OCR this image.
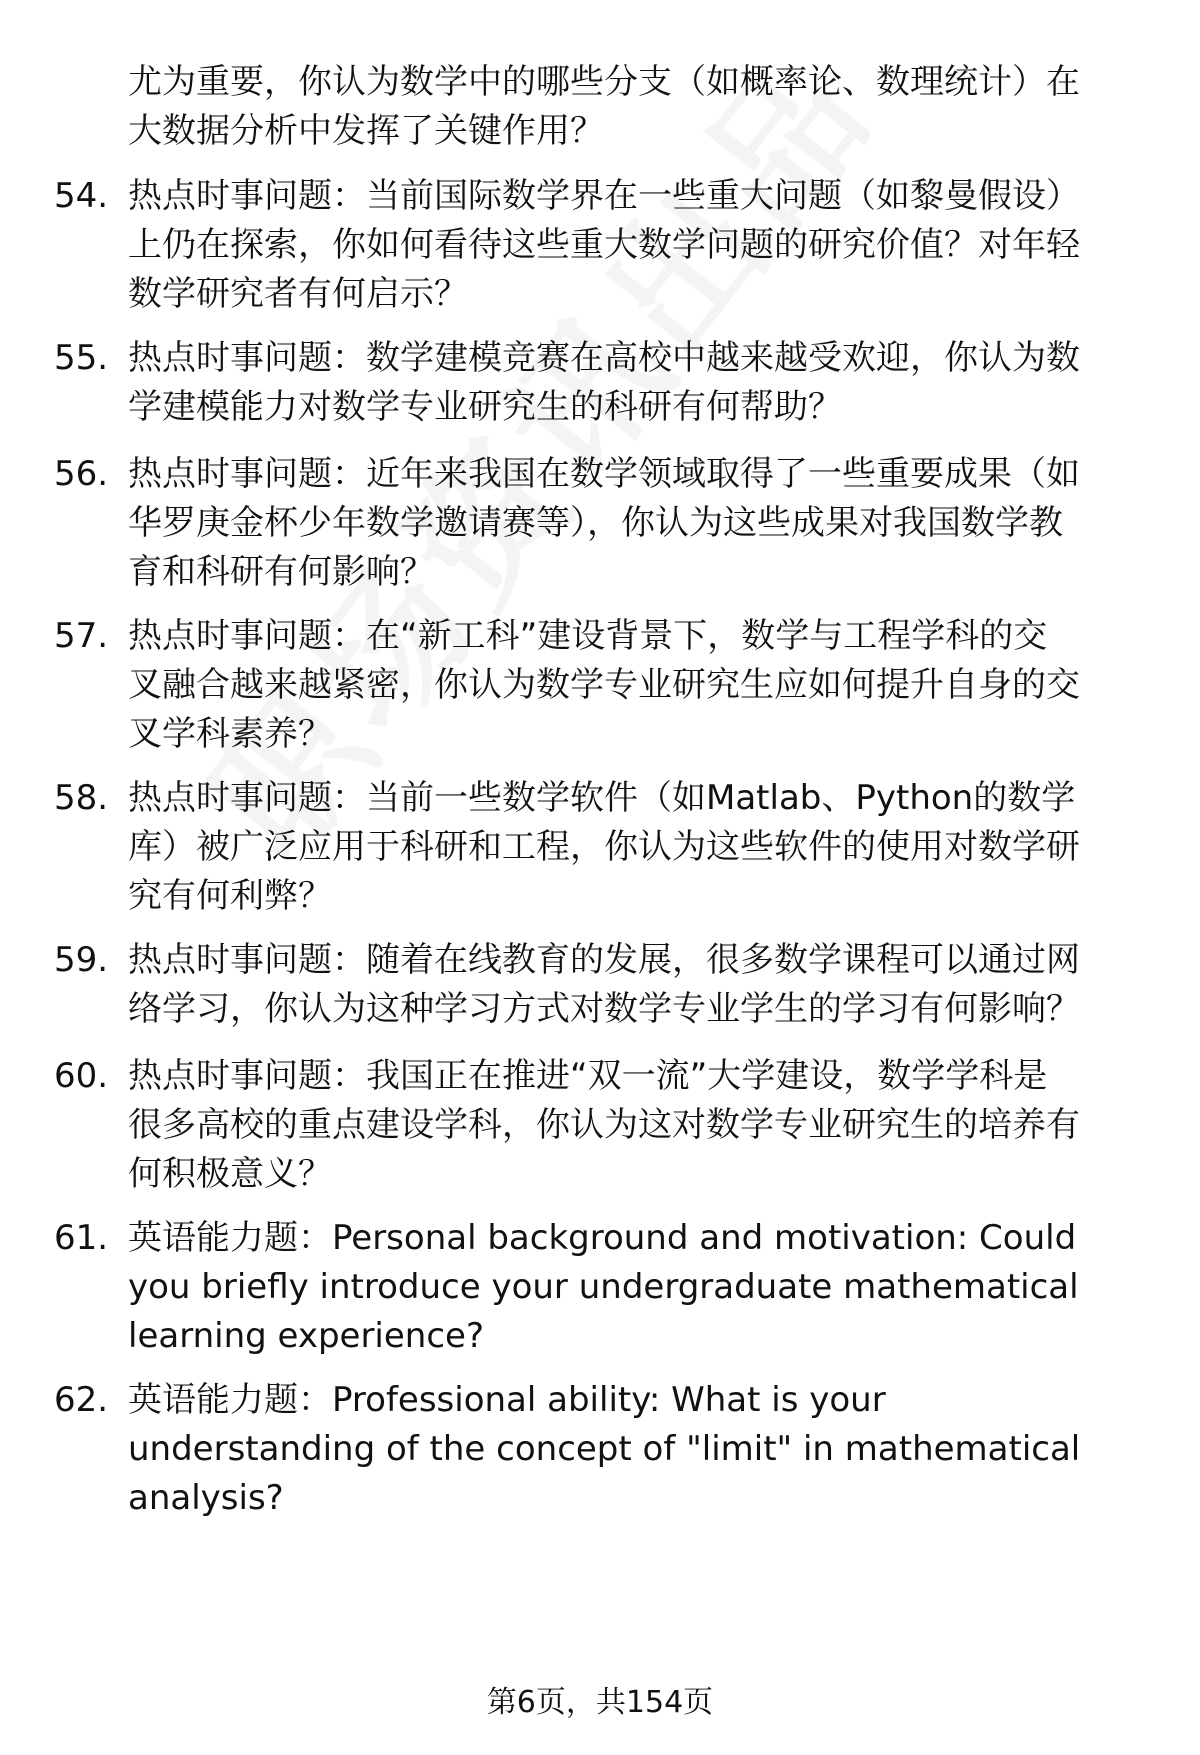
尤为重要，你认为数学中的哪些分支（如概率论、数理统计）在

大数据分析中发挥了关键作用？

54. 热点时事问题：当前国际数学界在一些重大问题（如黎曼假设）

上仍在探索，你如何看待这些重大数学问题的研究价值？对年轻

数学研究者有何启示？

55. 热点时事问题：数学建模竞赛在高校中越来越受欢迎，你认为数

学建模能力对数学专业研究生的科研有何帮助？

56. 热点时事问题：近年来我国在数学领域取得了一些重要成果（如

华罗庚金杯少年数学邀请赛等），你认为这些成果对我国数学教

育和科研有何影响？

57. 热点时事问题：在“新工科”建设背景下，数学与工程学科的交

叉融合越来越紧密，你认为数学专业研究生应如何提升自身的交

叉学科素养？

58. 热点时事问题：当前一些数学软件（如Matlab、Python的数学

库）被广泛应用于科研和工程，你认为这些软件的使用对数学研

究有何利弊？

59. 热点时事问题：随着在线教育的发展，很多数学课程可以通过网

络学习，你认为这种学习方式对数学专业学生的学习有何影响？

60. 热点时事问题：我国正在推进“双一流”大学建设，数学学科是

很多高校的重点建设学科，你认为这对数学专业研究生的培养有

何积极意义？

61. 英语能力题：Personal background and motivation: Could

you briefly introduce your undergraduate mathematical

learning experience?

62. 英语能力题：Professional ability: What is your

understanding of the concept of "limit" in mathematical

analysis?

第6页，共154页
